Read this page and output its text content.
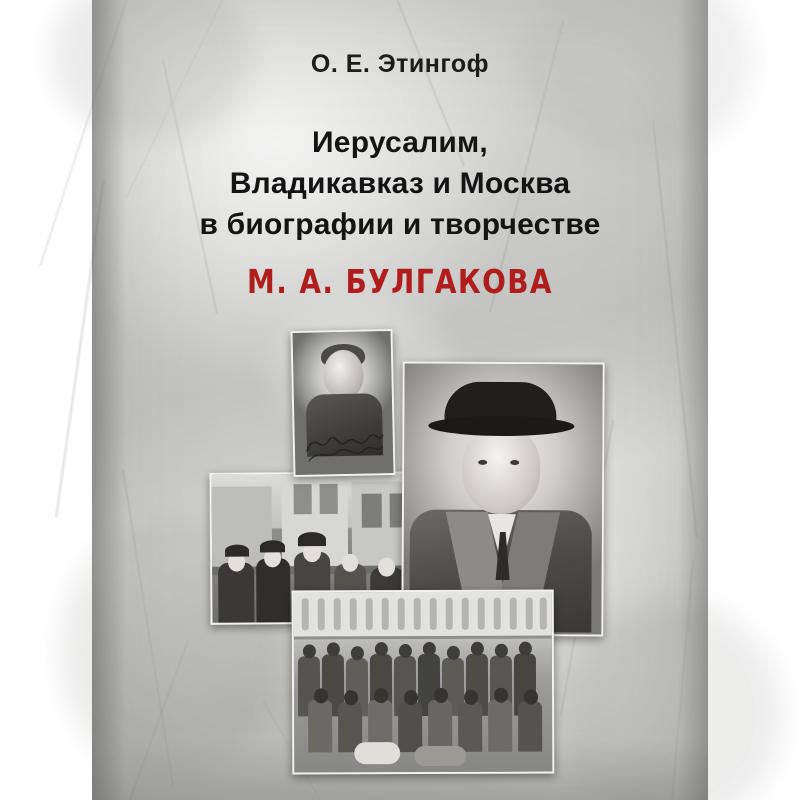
О. Е. Этингоф
Иерусалим,
Владикавказ и Москва
в биографии и творчестве
М. А. БУЛГАКОВА
